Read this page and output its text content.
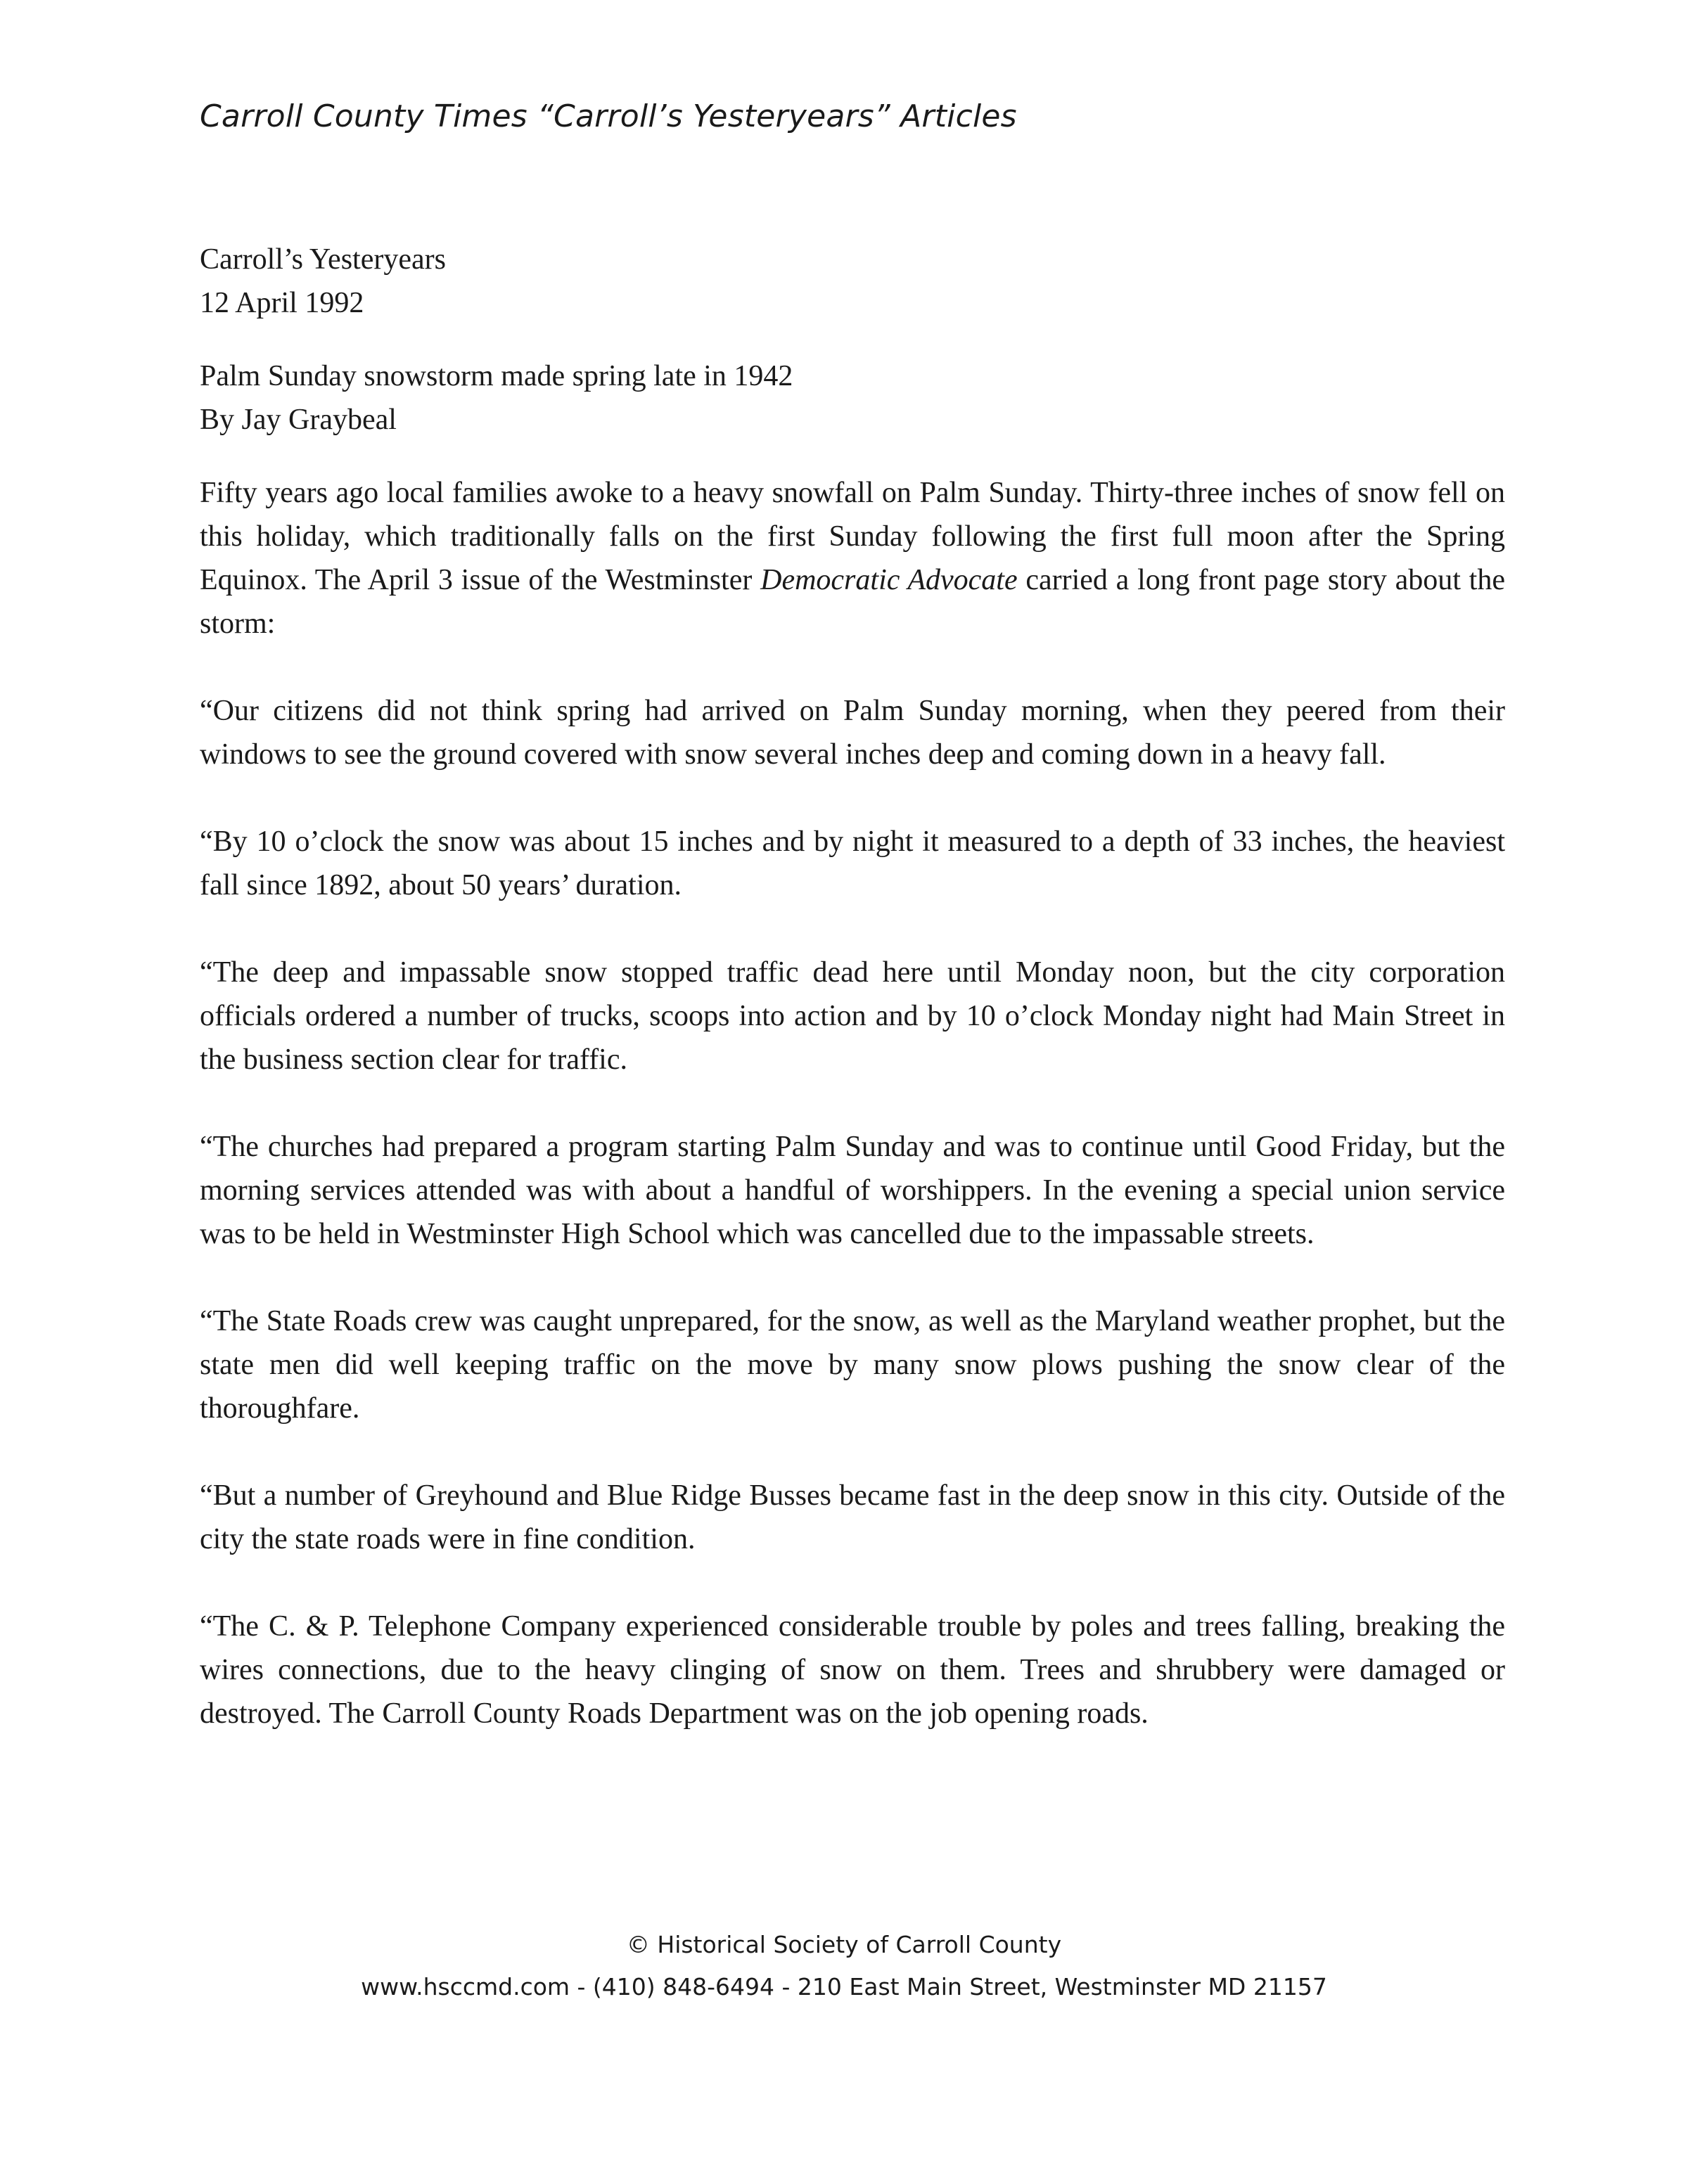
Carroll County Times “Carroll’s Yesteryears” Articles
Carroll’s Yesteryears
12 April 1992
Palm Sunday snowstorm made spring late in 1942
By Jay Graybeal

Fifty years ago local families awoke to a heavy snowfall on Palm Sunday. Thirty-three inches of snow fell on this holiday, which traditionally falls on the first Sunday following the first full moon after the Spring Equinox. The April 3 issue of the Westminster Democratic Advocate carried a long front page story about the storm:

“Our citizens did not think spring had arrived on Palm Sunday morning, when they peered from their windows to see the ground covered with snow several inches deep and coming down in a heavy fall.

“By 10 o’clock the snow was about 15 inches and by night it measured to a depth of 33 inches, the heaviest fall since 1892, about 50 years’ duration.

“The deep and impassable snow stopped traffic dead here until Monday noon, but the city corporation officials ordered a number of trucks, scoops into action and by 10 o’clock Monday night had Main Street in the business section clear for traffic.

“The churches had prepared a program starting Palm Sunday and was to continue until Good Friday, but the morning services attended was with about a handful of worshippers. In the evening a special union service was to be held in Westminster High School which was cancelled due to the impassable streets.

“The State Roads crew was caught unprepared, for the snow, as well as the Maryland weather prophet, but the state men did well keeping traffic on the move by many snow plows pushing the snow clear of the thoroughfare.

“But a number of Greyhound and Blue Ridge Busses became fast in the deep snow in this city. Outside of the city the state roads were in fine condition.

“The C. & P. Telephone Company experienced considerable trouble by poles and trees falling, breaking the wires connections, due to the heavy clinging of snow on them. Trees and shrubbery were damaged or destroyed. The Carroll County Roads Department was on the job opening roads.

© Historical Society of Carroll County
www.hsccmd.com - (410) 848-6494 - 210 East Main Street, Westminster MD 21157
